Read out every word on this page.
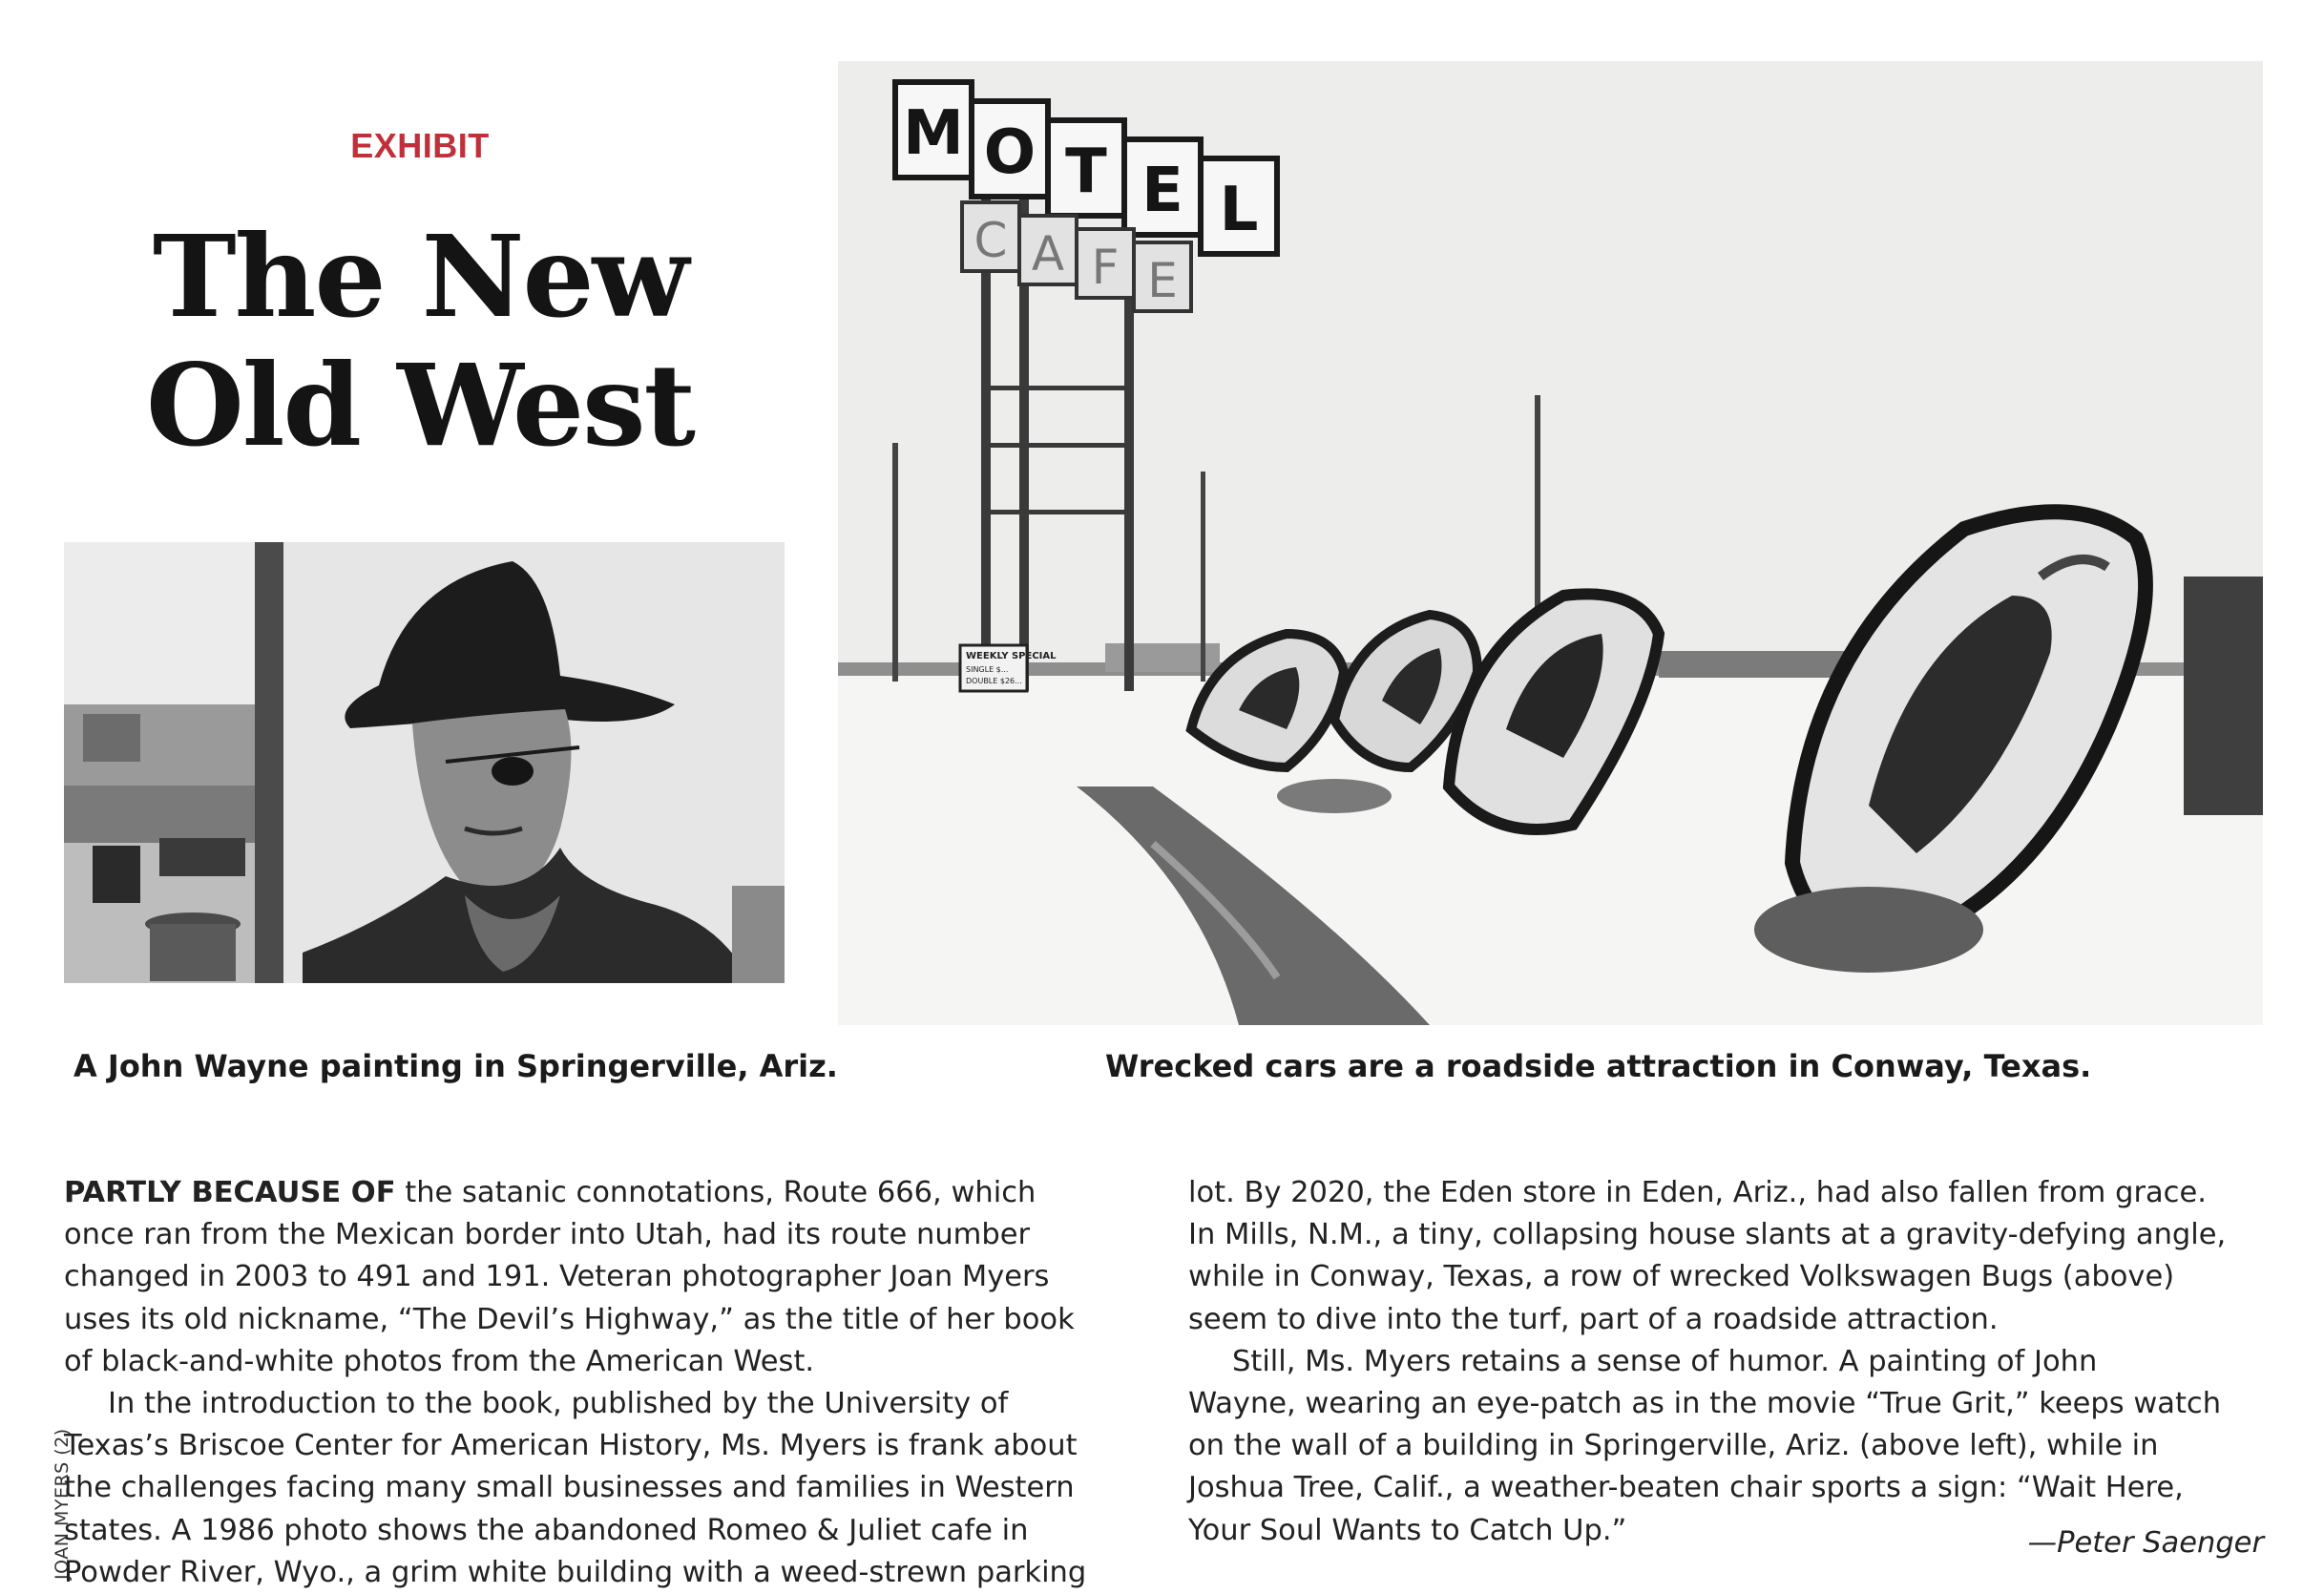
EXHIBIT
The New
Old West
M O T E L
C A F E
WEEKLY SPECIAL
SINGLE $...
DOUBLE $26...
A John Wayne painting in Springerville, Ariz.	Wrecked cars are a roadside attraction in Conway, Texas.
JOAN MYERS (2)

PARTLY BECAUSE OF the satanic connotations, Route 666, which

once ran from the Mexican border into Utah, had its route number

changed in 2003 to 491 and 191. Veteran photographer Joan Myers

uses its old nickname, “The Devil’s Highway,” as the title of her book

of black-and-white photos from the American West.

In the introduction to the book, published by the University of

Texas’s Briscoe Center for American History, Ms. Myers is frank about

the challenges facing many small businesses and families in Western

states. A 1986 photo shows the abandoned Romeo & Juliet cafe in

Powder River, Wyo., a grim white building with a weed-strewn parking

lot. By 2020, the Eden store in Eden, Ariz., had also fallen from grace.

In Mills, N.M., a tiny, collapsing house slants at a gravity-defying angle,

while in Conway, Texas, a row of wrecked Volkswagen Bugs (above)

seem to dive into the turf, part of a roadside attraction.

Still, Ms. Myers retains a sense of humor. A painting of John

Wayne, wearing an eye-patch as in the movie “True Grit,” keeps watch

on the wall of a building in Springerville, Ariz. (above left), while in

Joshua Tree, Calif., a weather-beaten chair sports a sign: “Wait Here,

Your Soul Wants to Catch Up.”	—Peter Saenger
